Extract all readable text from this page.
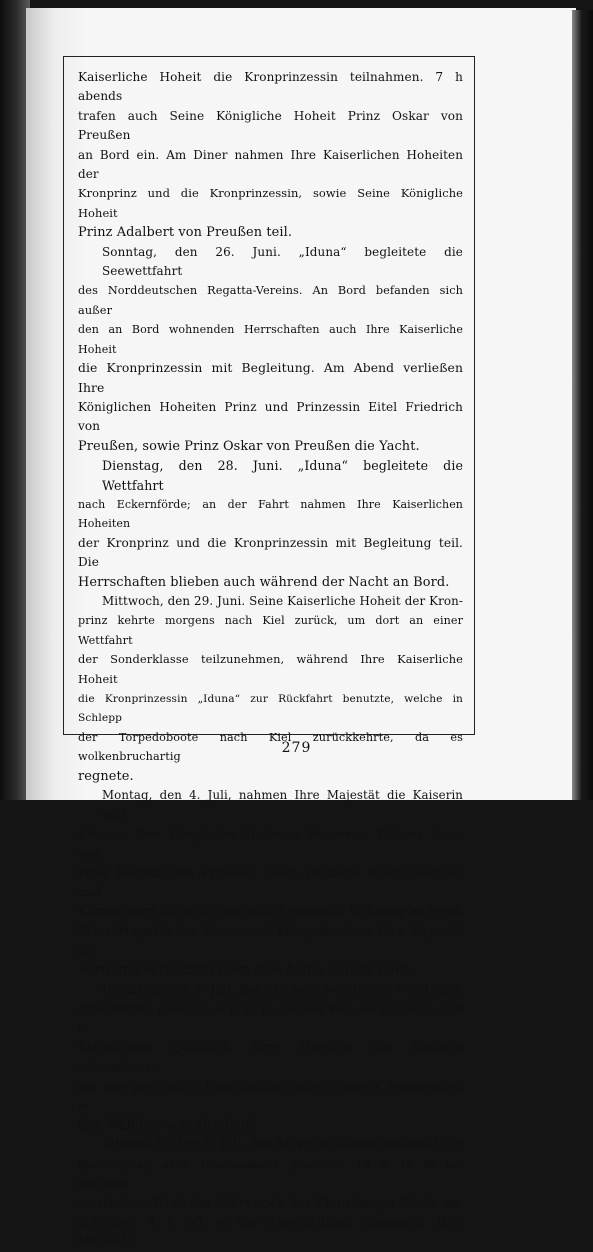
Kaiserliche Hoheit die Kronprinzessin teilnahmen. 7 h abends
trafen auch Seine Königliche Hoheit Prinz Oskar von Preußen
an Bord ein. Am Diner nahmen Ihre Kaiserlichen Hoheiten der
Kronprinz und die Kronprinzessin, sowie Seine Königliche Hoheit
Prinz Adalbert von Preußen teil.
Sonntag, den 26. Juni. „Iduna“ begleitete die Seewettfahrt
des Norddeutschen Regatta-Vereins. An Bord befanden sich außer
den an Bord wohnenden Herrschaften auch Ihre Kaiserliche Hoheit
die Kronprinzessin mit Begleitung. Am Abend verließen Ihre
Königlichen Hoheiten Prinz und Prinzessin Eitel Friedrich von
Preußen, sowie Prinz Oskar von Preußen die Yacht.
Dienstag, den 28. Juni. „Iduna“ begleitete die Wettfahrt
nach Eckernförde; an der Fahrt nahmen Ihre Kaiserlichen Hoheiten
der Kronprinz und die Kronprinzessin mit Begleitung teil. Die
Herrschaften blieben auch während der Nacht an Bord.
Mittwoch, den 29. Juni. Seine Kaiserliche Hoheit der Kron-
prinz kehrte morgens nach Kiel zurück, um dort an einer Wettfahrt
der Sonderklasse teilzunehmen, während Ihre Kaiserliche Hoheit
die Kronprinzessin „Iduna“ zur Rückfahrt benutzte, welche in Schlepp
der Torpedoboote nach Kiel zurückkehrte, da es wolkenbruchartig
regnete.
Montag, den 4. Juli, nahmen Ihre Majestät die Kaiserin und
Königin, Ihre Königlichen Hoheiten Prinzessin Victoria Luise und
Prinz Joachim von Preußen, sowie Hofdame Gräfin Rantzau und
Kammerherr Exzellenz von dem Knesebeck Wohnung an Bord.
Seine Majestät der Kaiser und König brachten Ihre Majestät an
Bord und verweilten etwa eine halbe Stunde dort.
Dienstag, den 5. Juli. Bei frischem westlichen Wind nach
Eckernförde gesegelt, 9 h 45 m von der Boje losgeworfen, 3 h in
Eckernförde geankert. Ihre Majestät die Kaiserin unternahmen
mit den prinzlichen Herrschaften einen längeren Spaziergang in
den Wäldern von Altenhof.
Mittwoch, den 6. Juli. Am Morgen wurde zunächst ein
Spaziergang nach Hemmelmark gemacht. 10 h 45 m bei leichtem
westlichen Wind die Fahrt nach der Flensburger Förde an-
getreten; 4 h 50 m vor Langballigau geankert. Ihre Majestät
279
